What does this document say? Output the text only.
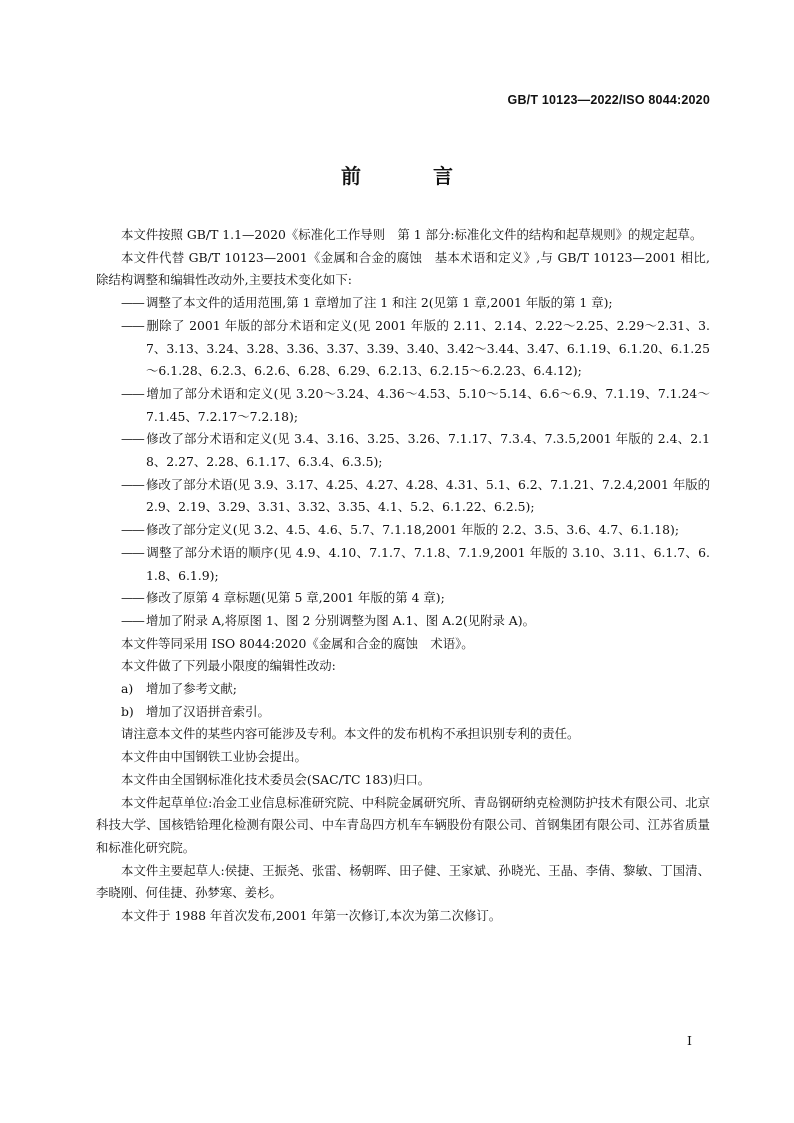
GB/T 10123—2022/ISO 8044:2020
前　言

本文件按照 GB/T 1.1—2020《标准化工作导则　第 1 部分:标准化文件的结构和起草规则》的规定起草。

本文件代替 GB/T 10123—2001《金属和合金的腐蚀　基本术语和定义》,与 GB/T 10123—2001 相比,除结构调整和编辑性改动外,主要技术变化如下:

—— 调整了本文件的适用范围,第 1 章增加了注 1 和注 2(见第 1 章,2001 年版的第 1 章);

—— 删除了 2001 年版的部分术语和定义(见 2001 年版的 2.11、2.14、2.22～2.25、2.29～2.31、3.7、3.13、3.24、3.28、3.36、3.37、3.39、3.40、3.42～3.44、3.47、6.1.19、6.1.20、6.1.25～6.1.28、6.2.3、6.2.6、6.28、6.29、6.2.13、6.2.15～6.2.23、6.4.12);

—— 增加了部分术语和定义(见 3.20～3.24、4.36～4.53、5.10～5.14、6.6～6.9、7.1.19、7.1.24～7.1.45、7.2.17～7.2.18);

—— 修改了部分术语和定义(见 3.4、3.16、3.25、3.26、7.1.17、7.3.4、7.3.5,2001 年版的 2.4、2.18、2.27、2.28、6.1.17、6.3.4、6.3.5);

—— 修改了部分术语(见 3.9、3.17、4.25、4.27、4.28、4.31、5.1、6.2、7.1.21、7.2.4,2001 年版的 2.9、2.19、3.29、3.31、3.32、3.35、4.1、5.2、6.1.22、6.2.5);

—— 修改了部分定义(见 3.2、4.5、4.6、5.7、7.1.18,2001 年版的 2.2、3.5、3.6、4.7、6.1.18);

—— 调整了部分术语的顺序(见 4.9、4.10、7.1.7、7.1.8、7.1.9,2001 年版的 3.10、3.11、6.1.7、6.1.8、6.1.9);

—— 修改了原第 4 章标题(见第 5 章,2001 年版的第 4 章);

—— 增加了附录 A,将原图 1、图 2 分别调整为图 A.1、图 A.2(见附录 A)。

本文件等同采用 ISO 8044:2020《金属和合金的腐蚀　术语》。

本文件做了下列最小限度的编辑性改动:

a) 增加了参考文献;

b) 增加了汉语拼音索引。

请注意本文件的某些内容可能涉及专利。本文件的发布机构不承担识别专利的责任。

本文件由中国钢铁工业协会提出。

本文件由全国钢标准化技术委员会(SAC/TC 183)归口。

本文件起草单位:冶金工业信息标准研究院、中科院金属研究所、青岛钢研纳克检测防护技术有限公司、北京科技大学、国核锆铪理化检测有限公司、中车青岛四方机车车辆股份有限公司、首钢集团有限公司、江苏省质量和标准化研究院。

本文件主要起草人:侯捷、王振尧、张雷、杨朝晖、田子健、王家斌、孙晓光、王晶、李倩、黎敏、丁国清、李晓刚、何佳捷、孙梦寒、姜杉。

本文件于 1988 年首次发布,2001 年第一次修订,本次为第二次修订。

I
